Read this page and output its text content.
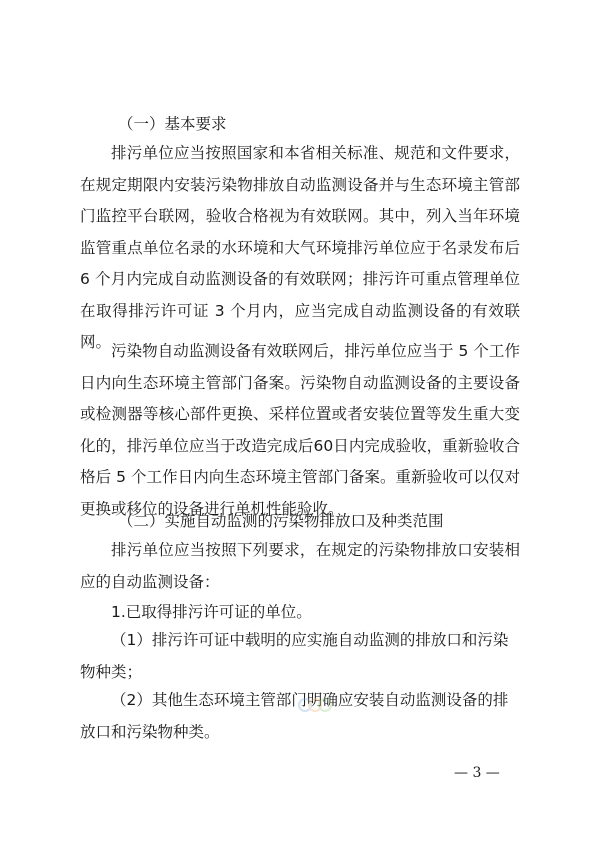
（一）基本要求

排污单位应当按照国家和本省相关标准、规范和文件要求，在规定期限内安装污染物排放自动监测设备并与生态环境主管部门监控平台联网，验收合格视为有效联网。其中，列入当年环境监管重点单位名录的水环境和大气环境排污单位应于名录发布后 6 个月内完成自动监测设备的有效联网；排污许可重点管理单位在取得排污许可证 3 个月内，应当完成自动监测设备的有效联网。 污染物自动监测设备有效联网后，排污单位应当于 5 个工作日内向生态环境主管部门备案。污染物自动监测设备的主要设备或检测器等核心部件更换、采样位置或者安装位置等发生重大变化的，排污单位应当于改造完成后60日内完成验收，重新验收合格后 5 个工作日内向生态环境主管部门备案。重新验收可以仅对更换或移位的设备进行单机性能验收。

（二）实施自动监测的污染物排放口及种类范围

排污单位应当按照下列要求，在规定的污染物排放口安装相应的自动监测设备：

1.已取得排污许可证的单位。

（1）排污许可证中载明的应实施自动监测的排放口和污染物种类；

（2）其他生态环境主管部门明确应安装自动监测设备的排放口和污染物种类。

— 3 —
